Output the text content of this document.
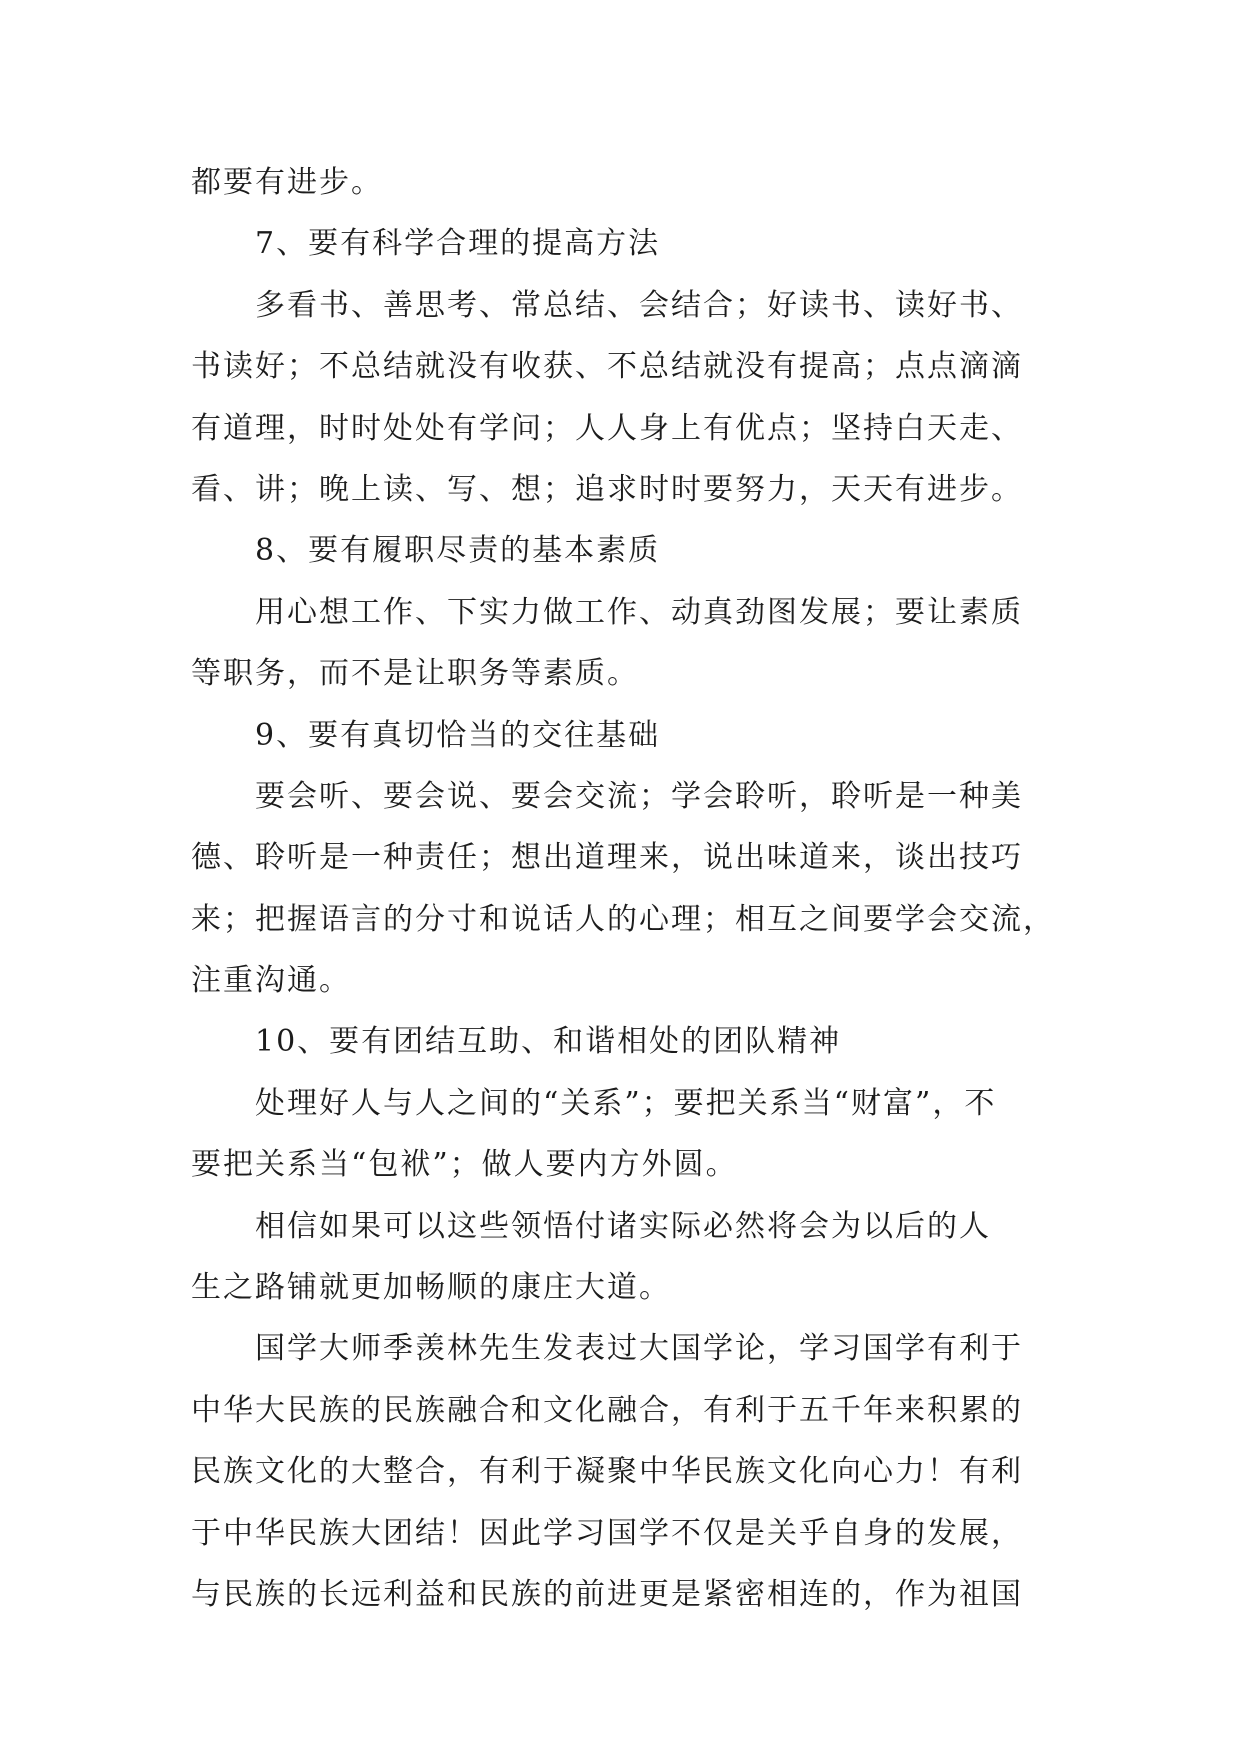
都要有进步。
7、要有科学合理的提高方法
多看书、善思考、常总结、会结合；好读书、读好书、
书读好；不总结就没有收获、不总结就没有提高；点点滴滴
有道理，时时处处有学问；人人身上有优点；坚持白天走、
看、讲；晚上读、写、想；追求时时要努力，天天有进步。
8、要有履职尽责的基本素质
用心想工作、下实力做工作、动真劲图发展；要让素质
等职务，而不是让职务等素质。
9、要有真切恰当的交往基础
要会听、要会说、要会交流；学会聆听，聆听是一种美
德、聆听是一种责任；想出道理来，说出味道来，谈出技巧
来；把握语言的分寸和说话人的心理；相互之间要学会交流，
注重沟通。
10、要有团结互助、和谐相处的团队精神
处理好人与人之间的“关系”；要把关系当“财富”，不
要把关系当“包袱”；做人要内方外圆。
相信如果可以这些领悟付诸实际必然将会为以后的人
生之路铺就更加畅顺的康庄大道。
国学大师季羡林先生发表过大国学论，学习国学有利于
中华大民族的民族融合和文化融合，有利于五千年来积累的
民族文化的大整合，有利于凝聚中华民族文化向心力！有利
于中华民族大团结！因此学习国学不仅是关乎自身的发展，
与民族的长远利益和民族的前进更是紧密相连的，作为祖国
